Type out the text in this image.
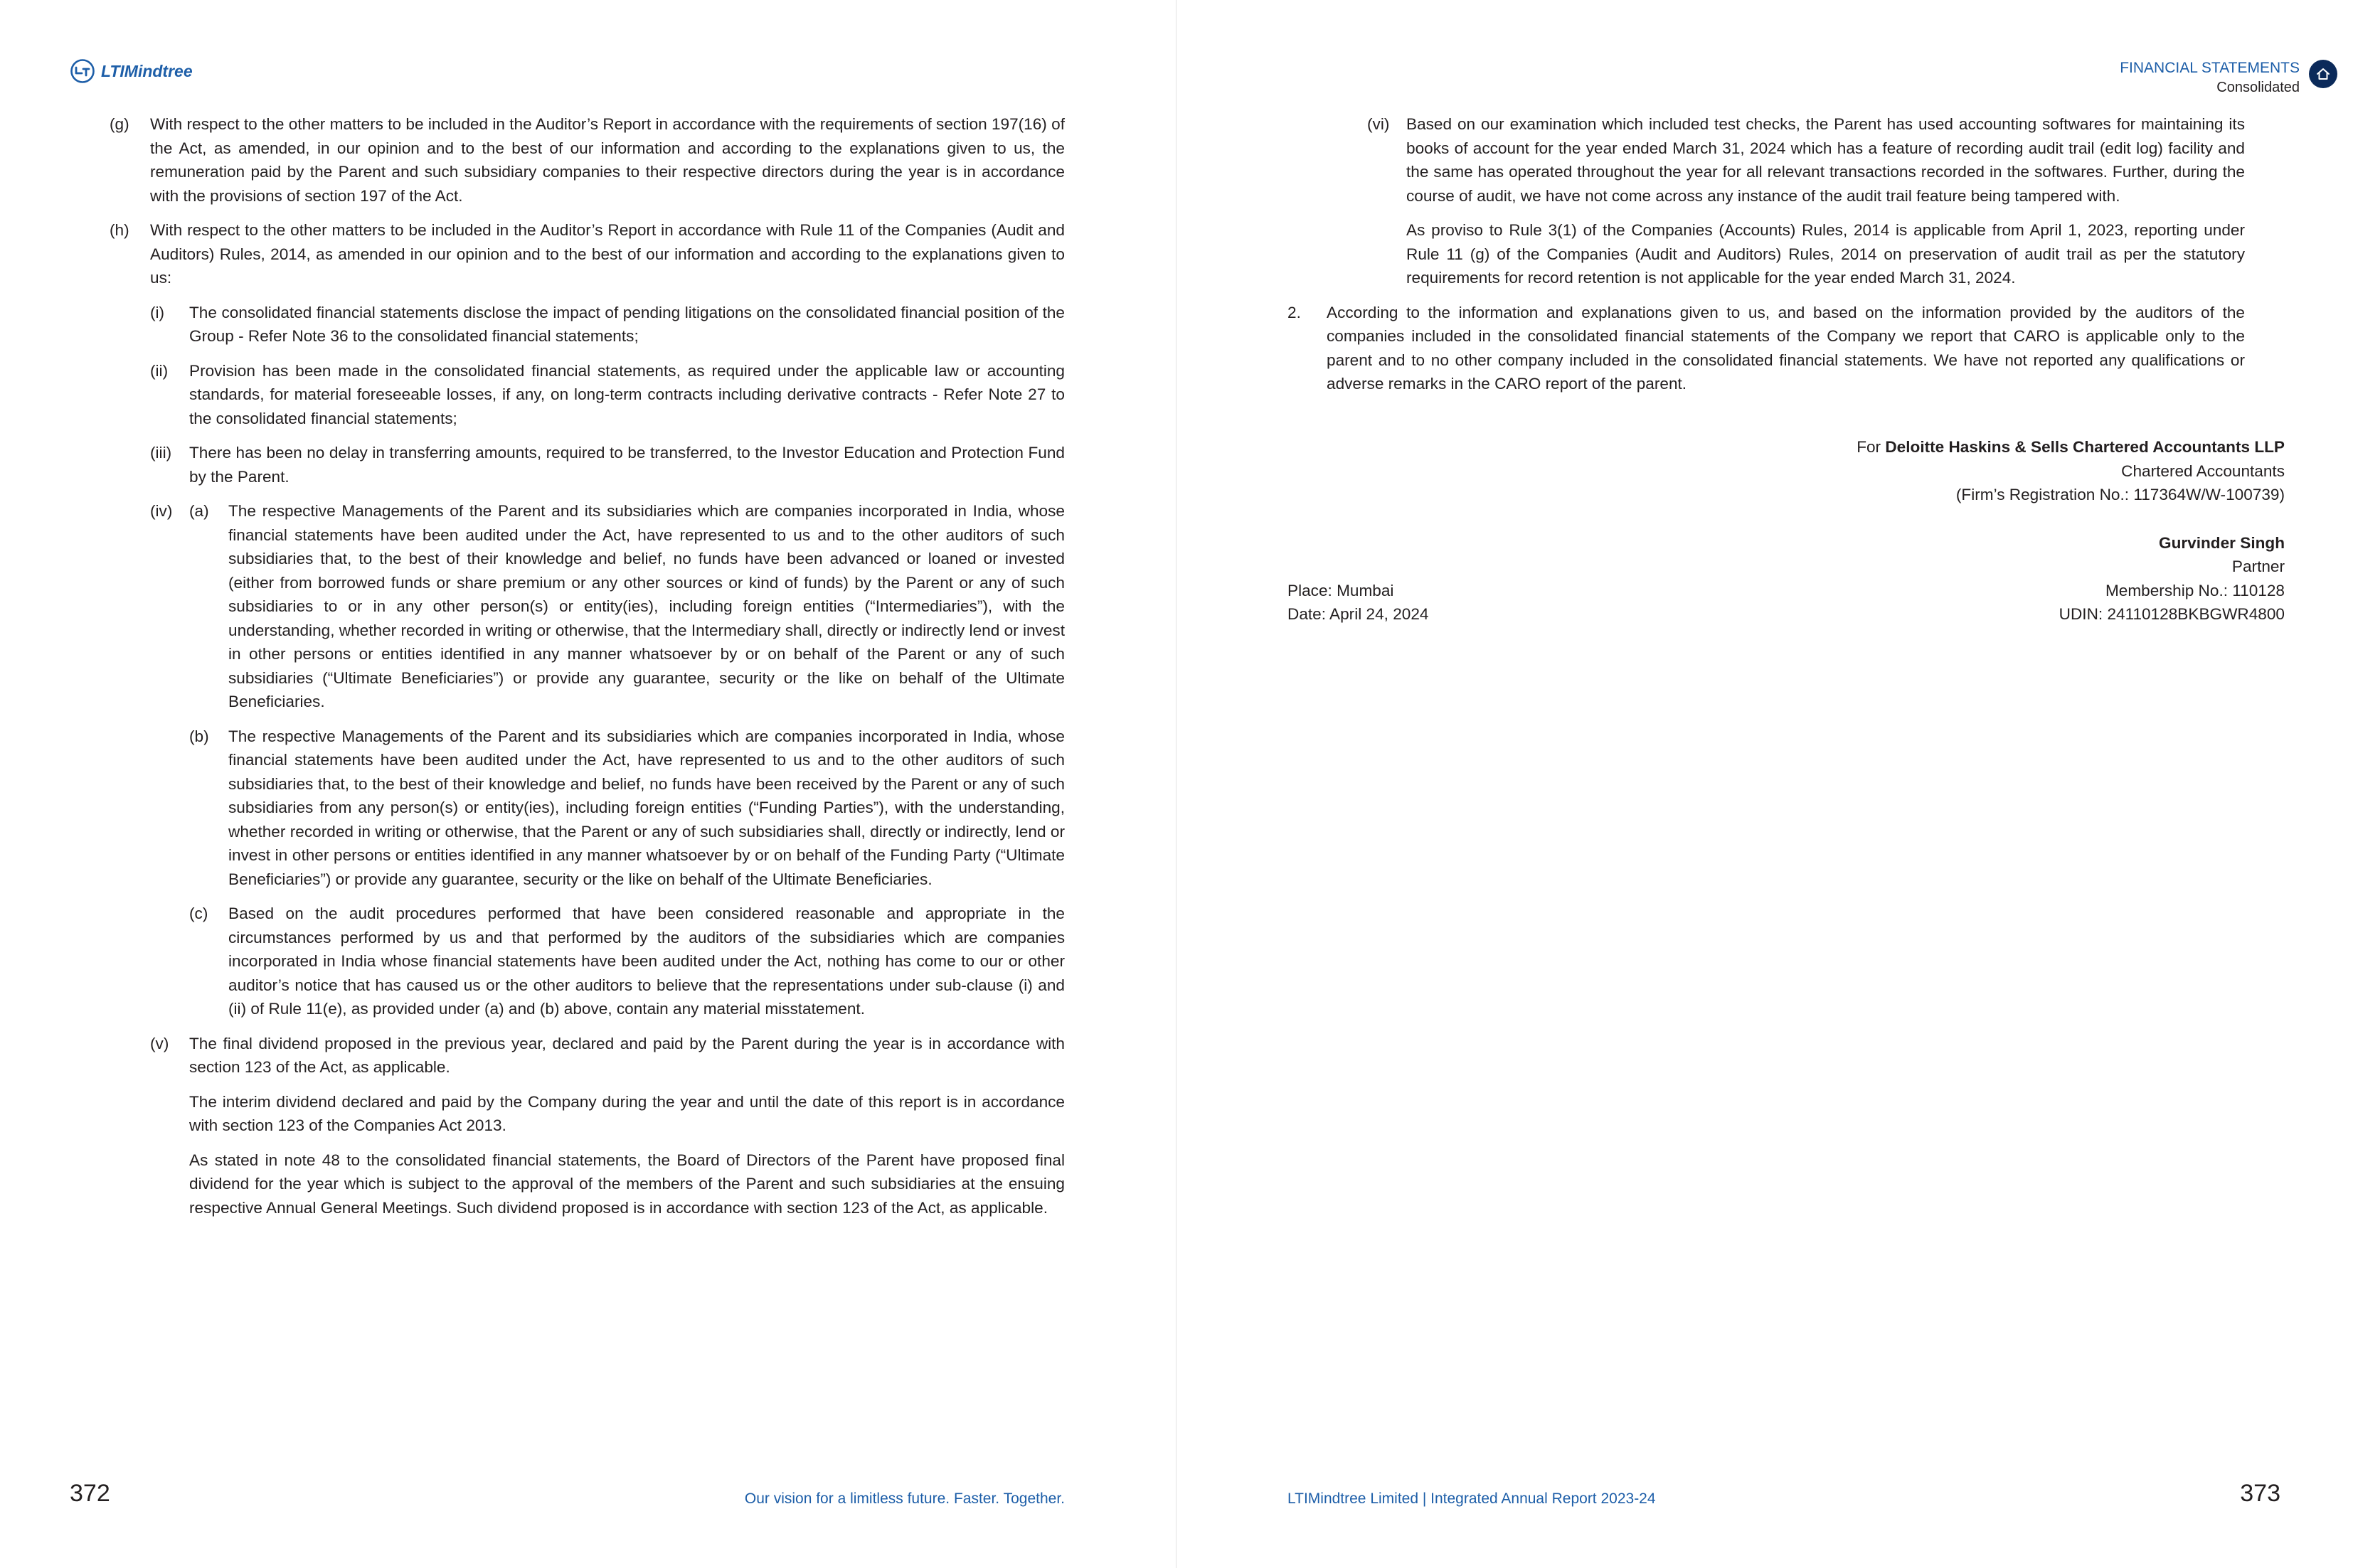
LTIMindtree
(g) With respect to the other matters to be included in the Auditor’s Report in accordance with the requirements of section 197(16) of the Act, as amended, in our opinion and to the best of our information and according to the explanations given to us, the remuneration paid by the Parent and such subsidiary companies to their respective directors during the year is in accordance with the provisions of section 197 of the Act.
(h) With respect to the other matters to be included in the Auditor’s Report in accordance with Rule 11 of the Companies (Audit and Auditors) Rules, 2014, as amended in our opinion and to the best of our information and according to the explanations given to us:
(i) The consolidated financial statements disclose the impact of pending litigations on the consolidated financial position of the Group - Refer Note 36 to the consolidated financial statements;
(ii) Provision has been made in the consolidated financial statements, as required under the applicable law or accounting standards, for material foreseeable losses, if any, on long-term contracts including derivative contracts - Refer Note 27 to the consolidated financial statements;
(iii) There has been no delay in transferring amounts, required to be transferred, to the Investor Education and Protection Fund by the Parent.
(iv) (a) The respective Managements of the Parent and its subsidiaries which are companies incorporated in India, whose financial statements have been audited under the Act, have represented to us and to the other auditors of such subsidiaries that, to the best of their knowledge and belief, no funds have been advanced or loaned or invested (either from borrowed funds or share premium or any other sources or kind of funds) by the Parent or any of such subsidiaries to or in any other person(s) or entity(ies), including foreign entities (“Intermediaries”), with the understanding, whether recorded in writing or otherwise, that the Intermediary shall, directly or indirectly lend or invest in other persons or entities identified in any manner whatsoever by or on behalf of the Parent or any of such subsidiaries (“Ultimate Beneficiaries”) or provide any guarantee, security or the like on behalf of the Ultimate Beneficiaries.
(b) The respective Managements of the Parent and its subsidiaries which are companies incorporated in India, whose financial statements have been audited under the Act, have represented to us and to the other auditors of such subsidiaries that, to the best of their knowledge and belief, no funds have been received by the Parent or any of such subsidiaries from any person(s) or entity(ies), including foreign entities (“Funding Parties”), with the understanding, whether recorded in writing or otherwise, that the Parent or any of such subsidiaries shall, directly or indirectly, lend or invest in other persons or entities identified in any manner whatsoever by or on behalf of the Funding Party (“Ultimate Beneficiaries”) or provide any guarantee, security or the like on behalf of the Ultimate Beneficiaries.
(c) Based on the audit procedures performed that have been considered reasonable and appropriate in the circumstances performed by us and that performed by the auditors of the subsidiaries which are companies incorporated in India whose financial statements have been audited under the Act, nothing has come to our or other auditor’s notice that has caused us or the other auditors to believe that the representations under sub-clause (i) and (ii) of Rule 11(e), as provided under (a) and (b) above, contain any material misstatement.
(v) The final dividend proposed in the previous year, declared and paid by the Parent during the year is in accordance with section 123 of the Act, as applicable.

The interim dividend declared and paid by the Company during the year and until the date of this report is in accordance with section 123 of the Companies Act 2013.

As stated in note 48 to the consolidated financial statements, the Board of Directors of the Parent have proposed final dividend for the year which is subject to the approval of the members of the Parent and such subsidiaries at the ensuing respective Annual General Meetings. Such dividend proposed is in accordance with section 123 of the Act, as applicable.

372	Our vision for a limitless future. Faster. Together.
FINANCIAL STATEMENTS
Consolidated
(vi) Based on our examination which included test checks, the Parent has used accounting softwares for maintaining its books of account for the year ended March 31, 2024 which has a feature of recording audit trail (edit log) facility and the same has operated throughout the year for all relevant transactions recorded in the softwares. Further, during the course of audit, we have not come across any instance of the audit trail feature being tampered with.

As proviso to Rule 3(1) of the Companies (Accounts) Rules, 2014 is applicable from April 1, 2023, reporting under Rule 11 (g) of the Companies (Audit and Auditors) Rules, 2014 on preservation of audit trail as per the statutory requirements for record retention is not applicable for the year ended March 31, 2024.

2. According to the information and explanations given to us, and based on the information provided by the auditors of the companies included in the consolidated financial statements of the Company we report that CARO is applicable only to the parent and to no other company included in the consolidated financial statements. We have not reported any qualifications or adverse remarks in the CARO report of the parent.
For Deloitte Haskins & Sells Chartered Accountants LLP
Chartered Accountants
(Firm’s Registration No.: 117364W/W-100739)
Gurvinder Singh
Partner
Place: Mumbai	Membership No.: 110128
Date: April 24, 2024	UDIN: 24110128BKBGWR4800
LTIMindtree Limited | Integrated Annual Report 2023-24	373
